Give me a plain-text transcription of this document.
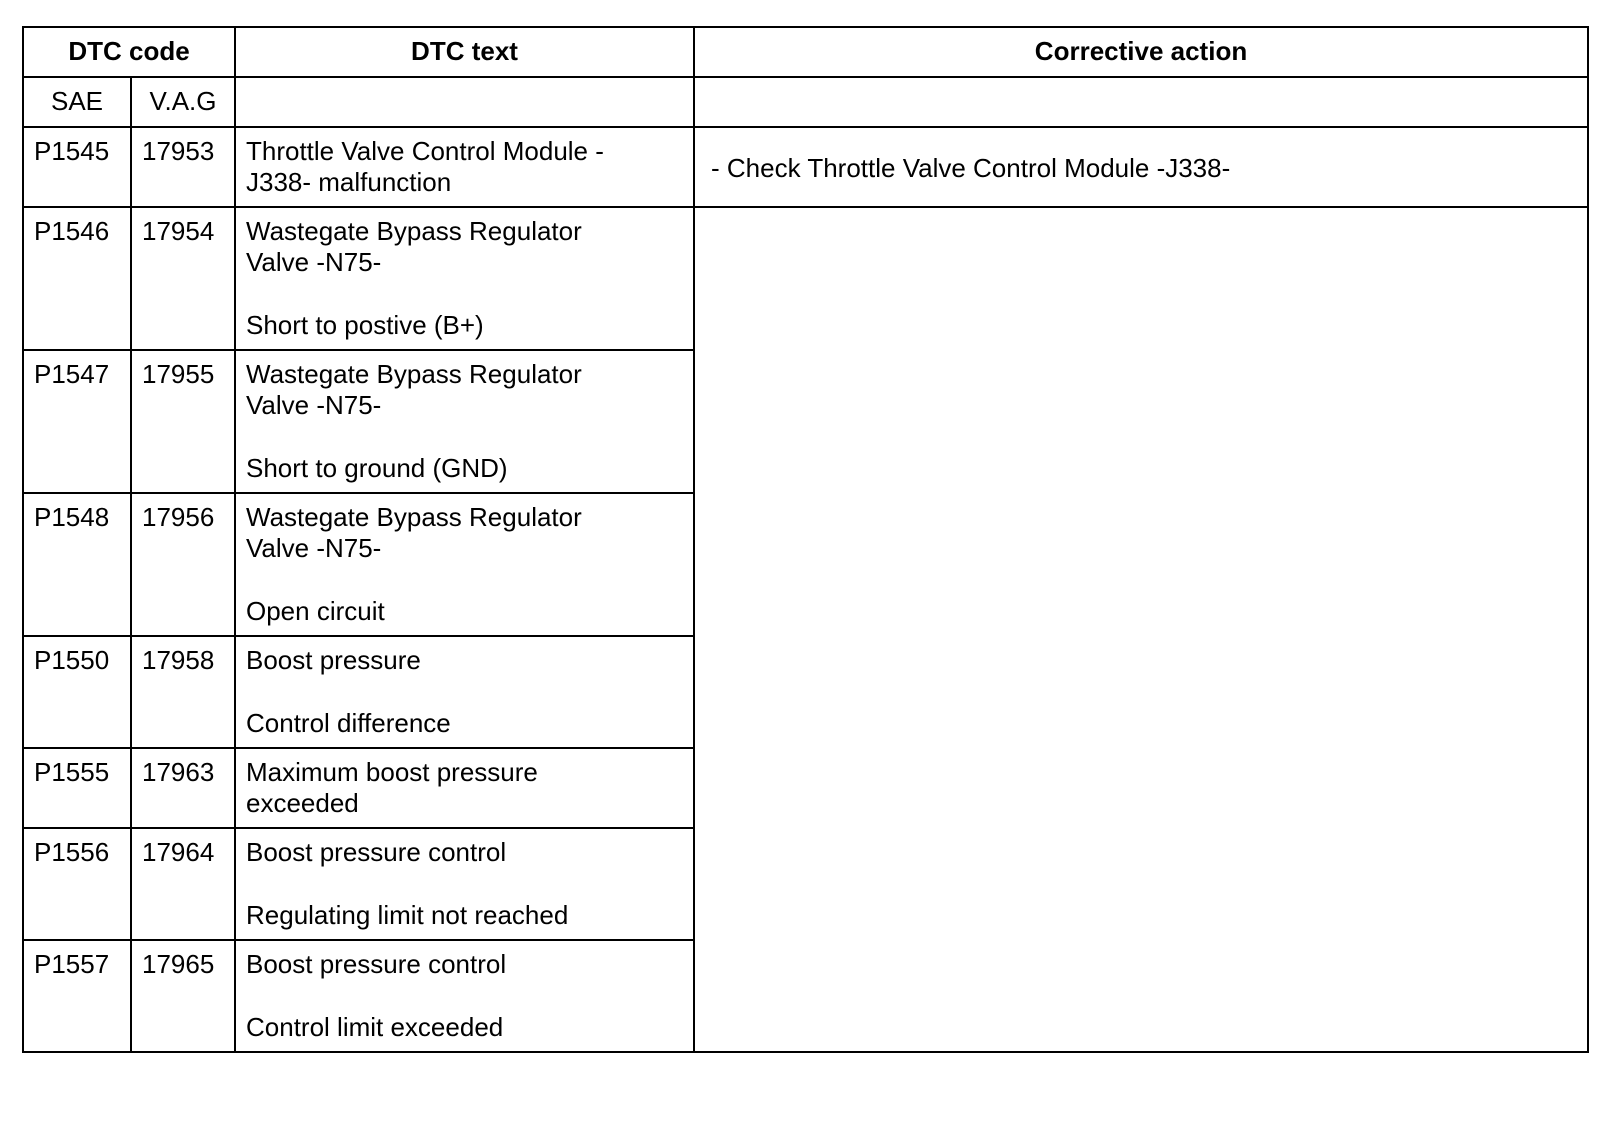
DTC code		DTC text	Corrective action
SAE	V.A.G		
P1545	17953	Throttle Valve Control Module -
J338- malfunction	- Check Throttle Valve Control Module -J338-
P1546	17954	Wastegate Bypass Regulator
Valve -N75-
Short to postive (B+)	

P1547	17955	Wastegate Bypass Regulator
Valve -N75-
Short to ground (GND)	

P1548	17956	Wastegate Bypass Regulator
Valve -N75-
Open circuit	

P1550	17958	Boost pressure
Control difference	

P1555	17963	Maximum boost pressure
exceeded	

P1556	17964	Boost pressure control
Regulating limit not reached	

P1557	17965	Boost pressure control
Control limit exceeded	
